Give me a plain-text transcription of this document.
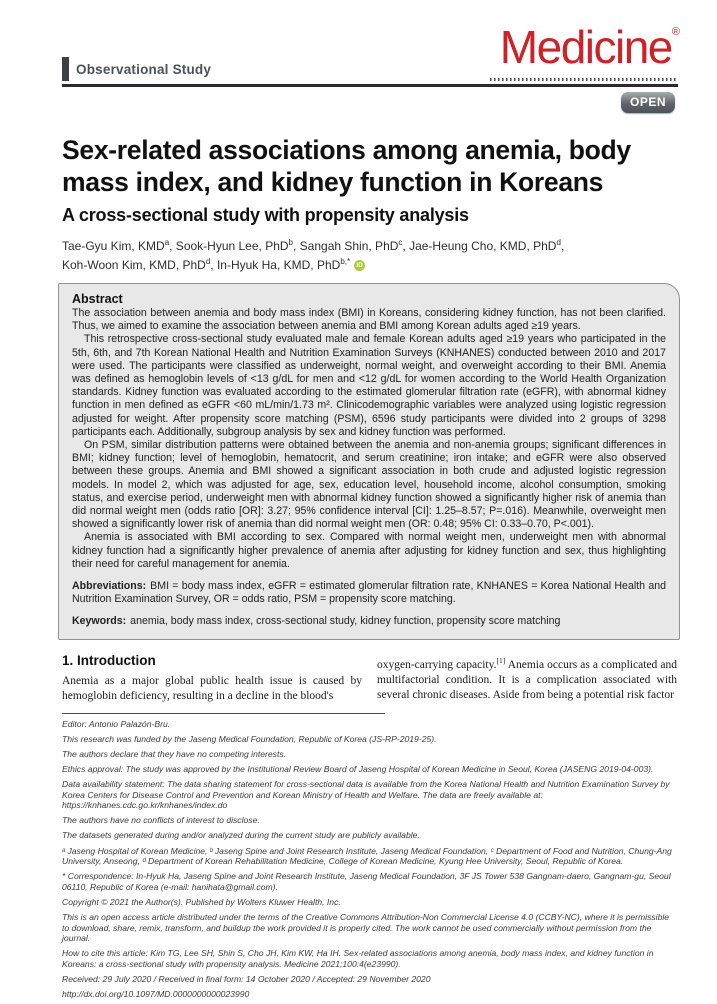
Observational Study	Medicine®
OPEN
Sex-related associations among anemia, body
mass index, and kidney function in Koreans
A cross-sectional study with propensity analysis
Tae-Gyu Kim, KMD$^a$, Sook-Hyun Lee, PhD$^b$, Sangah Shin, PhD$^c$, Jae-Heung Cho, KMD, PhD$^d$,
Koh-Woon Kim, KMD, PhD$^d$, In-Hyuk Ha, KMD, PhD$^{b,*}$ iD
Abstract

The association between anemia and body mass index (BMI) in Koreans, considering kidney function, has not been clarified. Thus, we aimed to examine the association between anemia and BMI among Korean adults aged ≥19 years.

This retrospective cross-sectional study evaluated male and female Korean adults aged ≥19 years who participated in the 5th, 6th, and 7th Korean National Health and Nutrition Examination Surveys (KNHANES) conducted between 2010 and 2017 were used. The participants were classified as underweight, normal weight, and overweight according to their BMI. Anemia was defined as hemoglobin levels of <13 g/dL for men and <12 g/dL for women according to the World Health Organization standards. Kidney function was evaluated according to the estimated glomerular filtration rate (eGFR), with abnormal kidney function in men defined as eGFR <60 mL/min/1.73 m². Clinicodemographic variables were analyzed using logistic regression adjusted for weight. After propensity score matching (PSM), 6596 study participants were divided into 2 groups of 3298 participants each. Additionally, subgroup analysis by sex and kidney function was performed.

On PSM, similar distribution patterns were obtained between the anemia and non-anemia groups; significant differences in BMI; kidney function; level of hemoglobin, hematocrit, and serum creatinine; iron intake; and eGFR were also observed between these groups. Anemia and BMI showed a significant association in both crude and adjusted logistic regression models. In model 2, which was adjusted for age, sex, education level, household income, alcohol consumption, smoking status, and exercise period, underweight men with abnormal kidney function showed a significantly higher risk of anemia than did normal weight men (odds ratio [OR]: 3.27; 95% confidence interval [CI]: 1.25–8.57; P=.016). Meanwhile, overweight men showed a significantly lower risk of anemia than did normal weight men (OR: 0.48; 95% CI: 0.33–0.70, P<.001).

Anemia is associated with BMI according to sex. Compared with normal weight men, underweight men with abnormal kidney function had a significantly higher prevalence of anemia after adjusting for kidney function and sex, thus highlighting their need for careful management for anemia.

Abbreviations: BMI = body mass index, eGFR = estimated glomerular filtration rate, KNHANES = Korea National Health and Nutrition Examination Survey, OR = odds ratio, PSM = propensity score matching.

Keywords: anemia, body mass index, cross-sectional study, kidney function, propensity score matching

1. Introduction

Anemia as a major global public health issue is caused by hemoglobin deficiency, resulting in a decline in the blood's

oxygen-carrying capacity.[1] Anemia occurs as a complicated and multifactorial condition. It is a complication associated with several chronic diseases. Aside from being a potential risk factor

Editor: Antonio Palazón-Bru.

This research was funded by the Jaseng Medical Foundation, Republic of Korea (JS-RP-2019-25).

The authors declare that they have no competing interests.

Ethics approval: The study was approved by the Institutional Review Board of Jaseng Hospital of Korean Medicine in Seoul, Korea (JASENG 2019-04-003).

Data availability statement: The data sharing statement for cross-sectional data is available from the Korea National Health and Nutrition Examination Survey by Korea Centers for Disease Control and Prevention and Korean Ministry of Health and Welfare. The data are freely available at: https://knhanes.cdc.go.kr/knhanes/index.do

The authors have no conflicts of interest to disclose.

The datasets generated during and/or analyzed during the current study are publicly available.

ᵃ Jaseng Hospital of Korean Medicine, ᵇ Jaseng Spine and Joint Research Institute, Jaseng Medical Foundation, ᶜ Department of Food and Nutrition, Chung-Ang University, Anseong, ᵈ Department of Korean Rehabilitation Medicine, College of Korean Medicine, Kyung Hee University, Seoul, Republic of Korea.

* Correspondence: In-Hyuk Ha, Jaseng Spine and Joint Research Institute, Jaseng Medical Foundation, 3F JS Tower 538 Gangnam-daero, Gangnam-gu, Seoul 06110, Republic of Korea (e-mail: hanihata@gmail.com).

Copyright © 2021 the Author(s). Published by Wolters Kluwer Health, Inc.

This is an open access article distributed under the terms of the Creative Commons Attribution-Non Commercial License 4.0 (CCBY-NC), where it is permissible to download, share, remix, transform, and buildup the work provided it is properly cited. The work cannot be used commercially without permission from the journal.

How to cite this article: Kim TG, Lee SH, Shin S, Cho JH, Kim KW, Ha IH. Sex-related associations among anemia, body mass index, and kidney function in Koreans: a cross-sectional study with propensity analysis. Medicine 2021;100:4(e23990).

Received: 29 July 2020 / Received in final form: 14 October 2020 / Accepted: 29 November 2020

http://dx.doi.org/10.1097/MD.0000000000023990
